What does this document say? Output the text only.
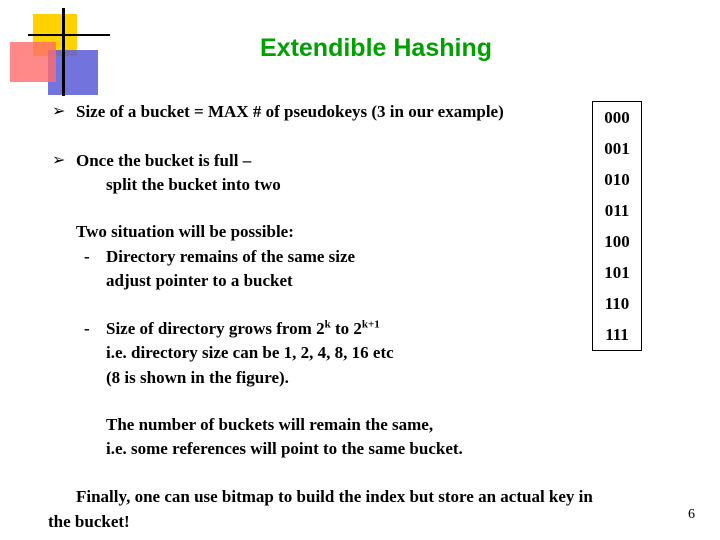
Extendible Hashing
➢ Size of a bucket = MAX # of pseudokeys (3 in our example)
➢ Once the bucket is full –
split the bucket into two
Two situation will be possible:
- Directory remains of the same size
adjust pointer to a bucket
- Size of directory grows from 2$^k$ to $2^{k+1}$
i.e. directory size can be 1, 2, 4, 8, 16 etc
(8 is shown in the figure).
The number of buckets will remain the same,
i.e. some references will point to the same bucket.
Finally, one can use bitmap to build the index but store an actual key in
the bucket!
000
001
010
011
100
101
110
111
6
